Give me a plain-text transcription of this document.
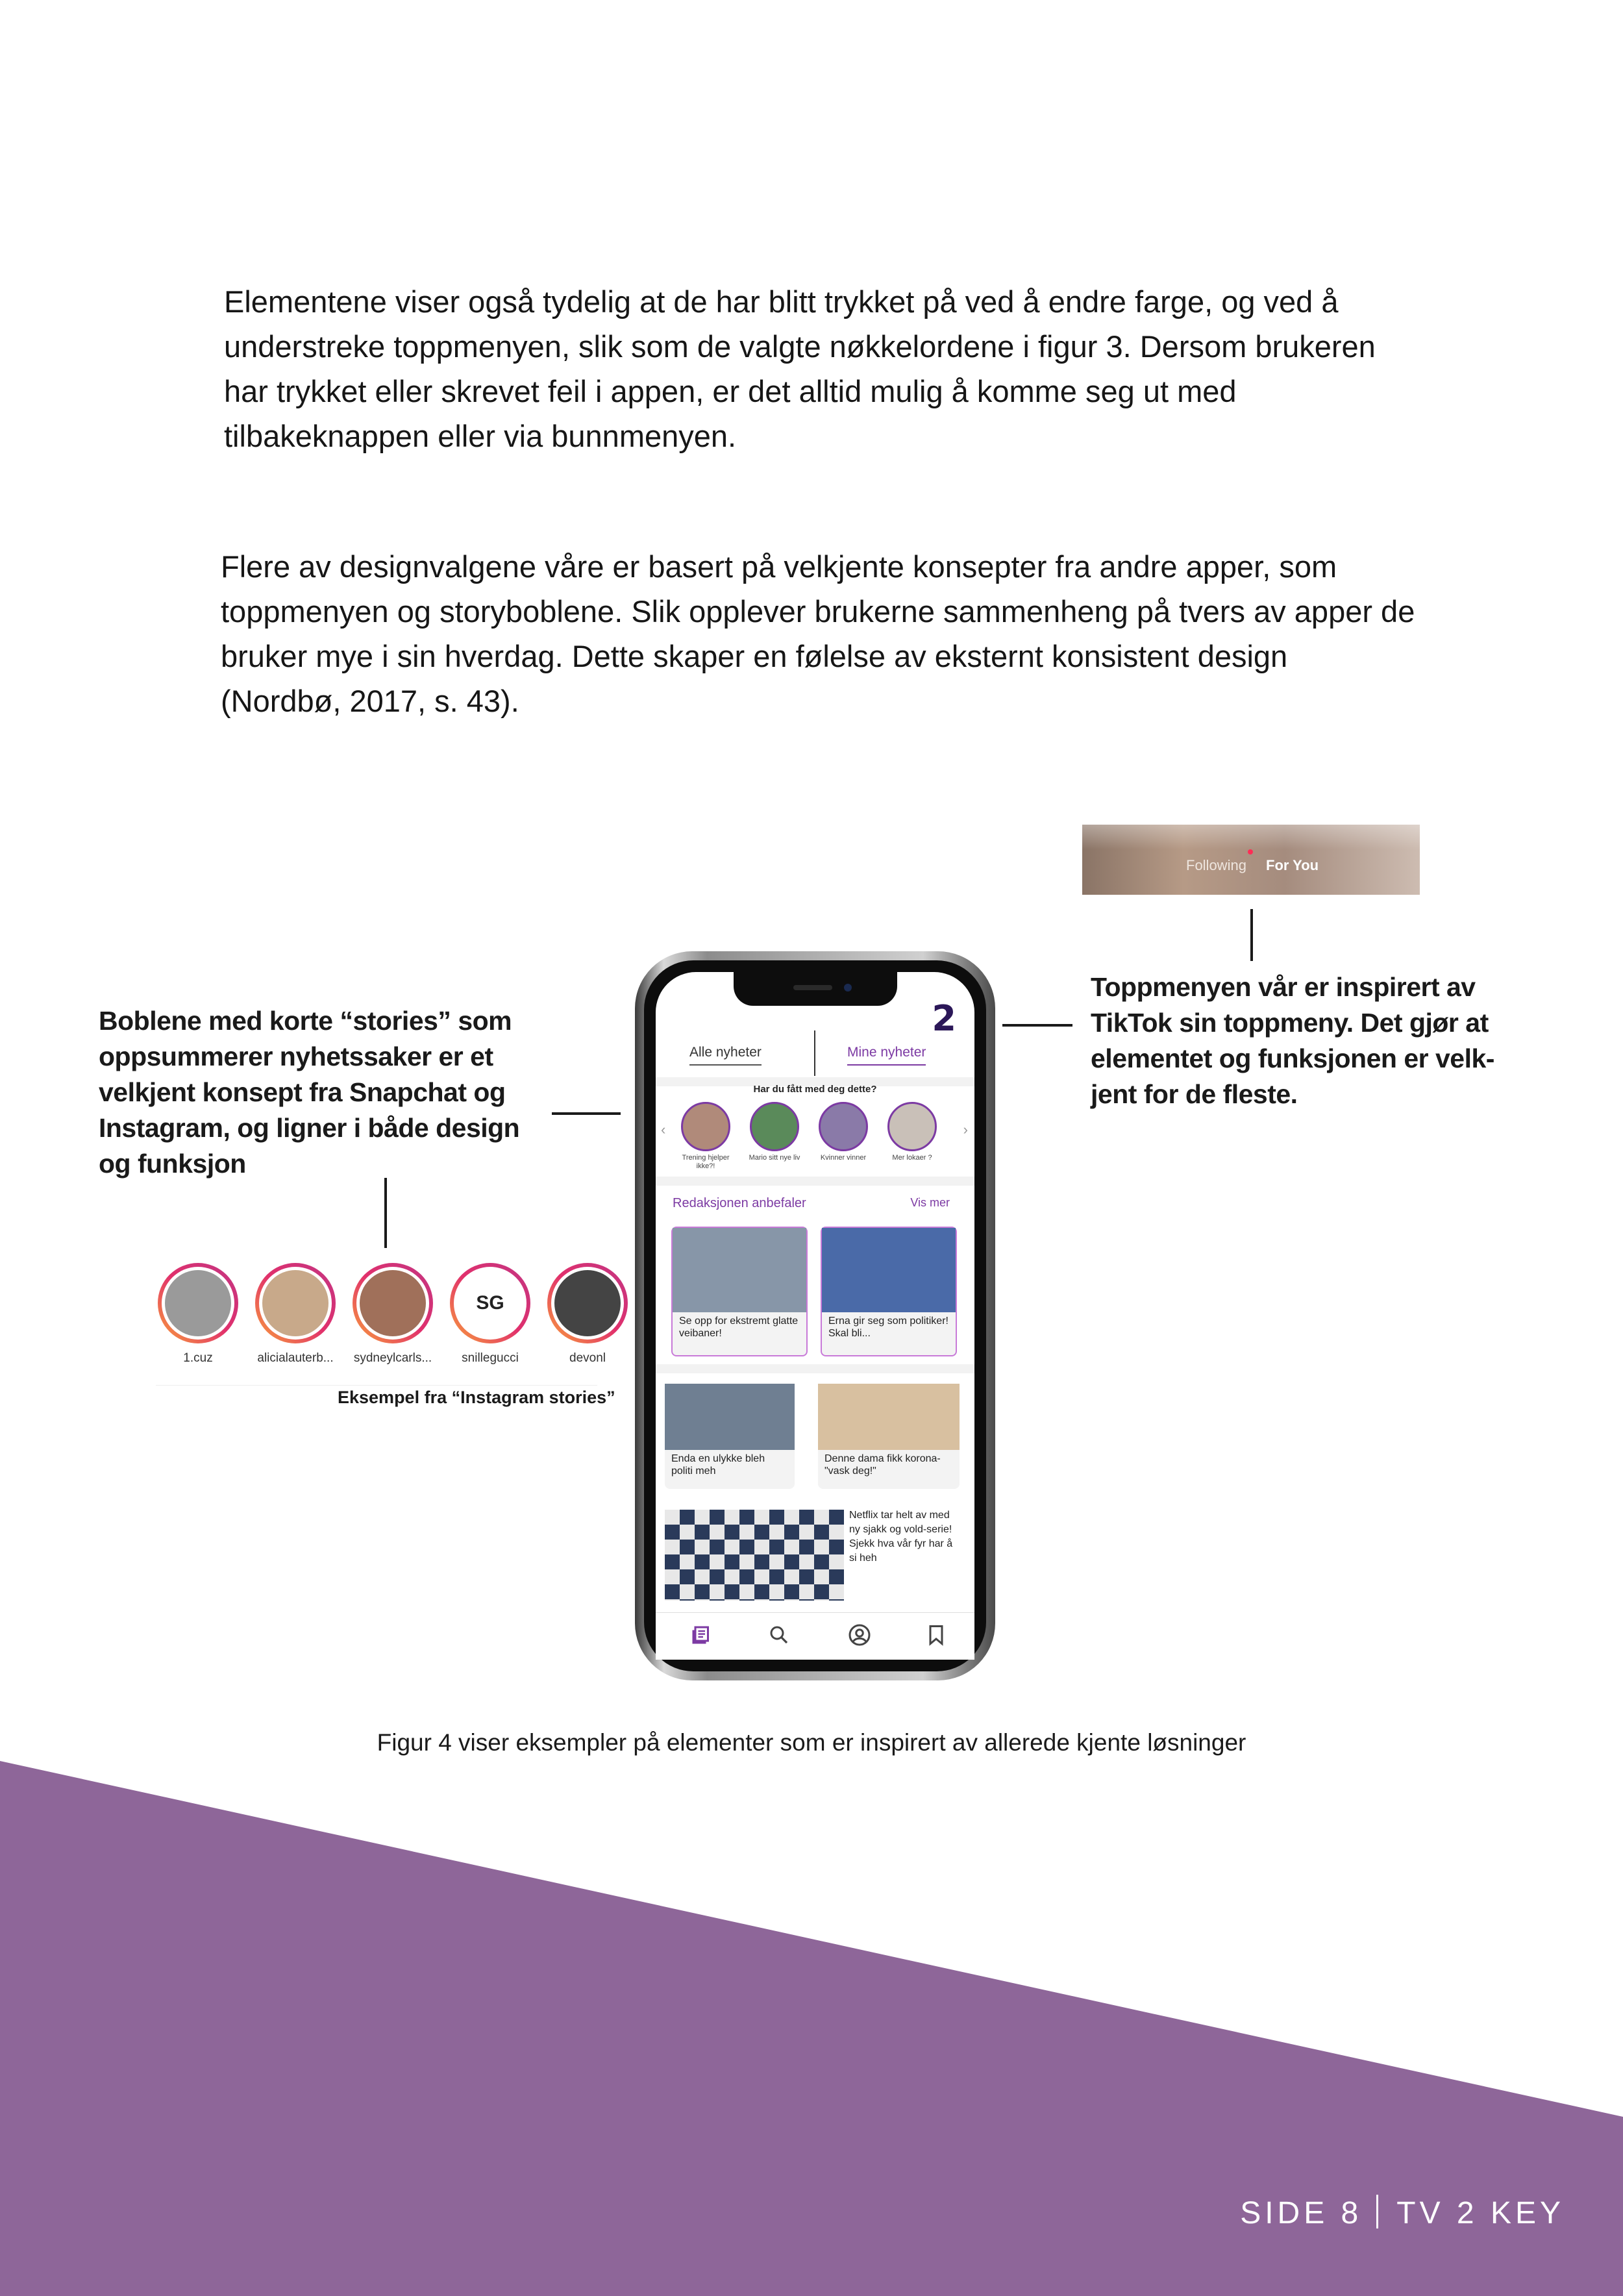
Elementene viser også tydelig at de har blitt trykket på ved å endre farge, og ved å understreke toppmenyen, slik som de valgte nøkkelordene i figur 3. Dersom brukeren har trykket eller skrevet feil i appen, er det alltid mulig å komme seg ut med tilbakeknappen eller via bunnmenyen.

Flere av designvalgene våre er basert på velkjente konsepter fra andre apper, som toppmenyen og storyboblene. Slik opplever brukerne sammenheng på tvers av apper de bruker mye i sin hverdag. Dette skaper en følelse av eksternt konsistent design (Nordbø, 2017, s. 43).

Following For You
Boblene med korte “stories” som oppsummerer nyhetssaker er et velkjent konsept fra Snapchat og Instagram, og ligner i både design og funksjon
Toppmenyen vår er inspirert av TikTok sin toppmeny. Det gjør at elementet og funksjonen er velk-jent for de fleste.
1.cuz	alicialauterb...	sydneylcarls...
SG
snillegucci	devonl
Eksempel fra “Instagram stories”
2
Alle nyheter	Mine nyheter
Har du fått med deg dette?
‹	›
Trening hjelper ikke?!
Mario sitt nye liv	Kvinner vinner	Mer lokaer ?
Redaksjonen anbefaler	Vis mer
Se opp for ekstremt glatte veibaner!
Erna gir seg som politiker! Skal bli...
Enda en ulykke bleh politi meh
Denne dama fikk korona- "vask deg!"
Netflix tar helt av med ny sjakk og vold-serie! Sjekk hva vår fyr har å si heh
Figur 4 viser eksempler på elementer som er inspirert av allerede kjente løsninger
SIDE 8 TV 2 KEY
